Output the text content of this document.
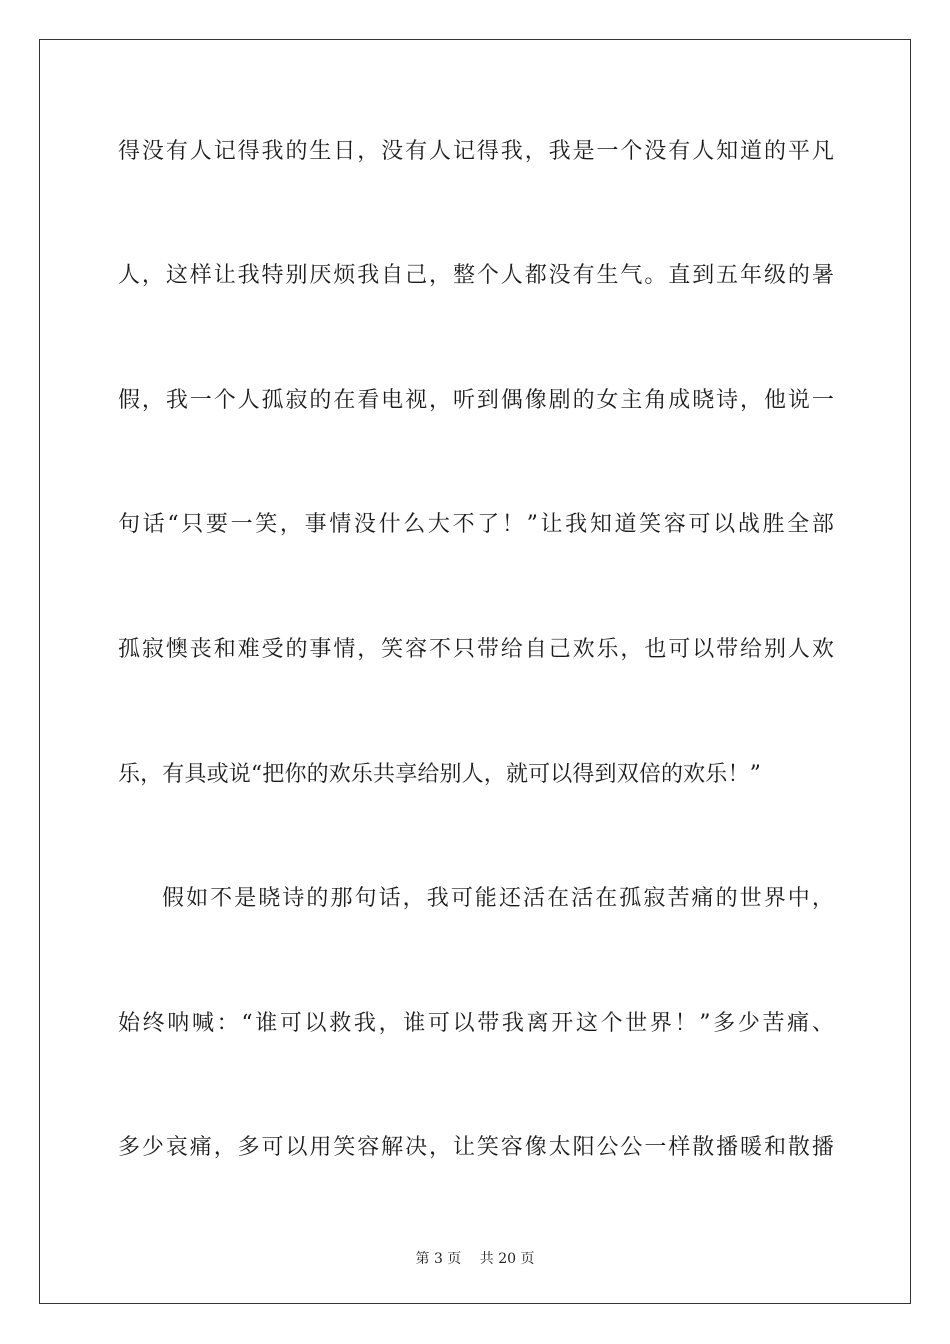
得没有人记得我的生日，没有人记得我，我是一个没有人知道的平凡
人，这样让我特别厌烦我自己，整个人都没有生气。直到五年级的暑
假，我一个人孤寂的在看电视，听到偶像剧的女主角成晓诗，他说一
句话“只要一笑，事情没什么大不了！”让我知道笑容可以战胜全部
孤寂懊丧和难受的事情，笑容不只带给自己欢乐，也可以带给别人欢
乐，有具或说“把你的欢乐共享给别人，就可以得到双倍的欢乐！”
假如不是晓诗的那句话，我可能还活在活在孤寂苦痛的世界中，
始终呐喊：“谁可以救我，谁可以带我离开这个世界！”多少苦痛、
多少哀痛，多可以用笑容解决，让笑容像太阳公公一样散播暖和散播
第 3 页 共 20 页
